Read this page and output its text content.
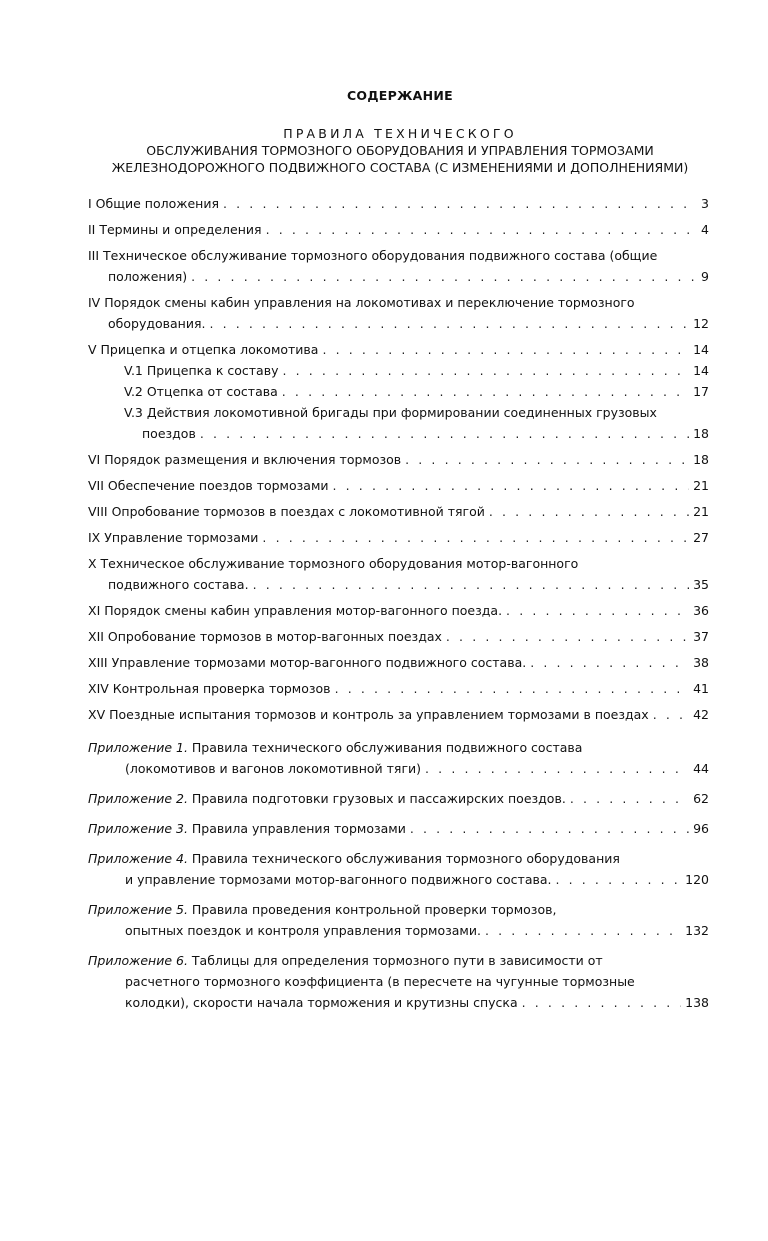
СОДЕРЖАНИЕ
ПРАВИЛА ТЕХНИЧЕСКОГО
ОБСЛУЖИВАНИЯ ТОРМОЗНОГО ОБОРУДОВАНИЯ И УПРАВЛЕНИЯ ТОРМОЗАМИ
ЖЕЛЕЗНОДОРОЖНОГО ПОДВИЖНОГО СОСТАВА (С ИЗМЕНЕНИЯМИ И ДОПОЛНЕНИЯМИ)
I Общие положения . . .	3
II Термины и определения . . .	4
III Техническое обслуживание тормозного оборудования подвижного состава (общие
положения) . . .	9
IV Порядок смены кабин управления на локомотивах и переключение тормозного
оборудования. . . .	12
V Прицепка и отцепка локомотива . . .	14
V.1 Прицепка к составу . . .	14
V.2 Отцепка от состава . . .	17
V.3 Действия локомотивной бригады при формировании соединенных грузовых
поездов . . .	18
VI Порядок размещения и включения тормозов . . .	18
VII Обеспечение поездов тормозами . . .	21
VIII Опробование тормозов в поездах с локомотивной тягой . . .	21
IX Управление тормозами . . .	27
X Техническое обслуживание тормозного оборудования мотор-вагонного
подвижного состава. . . .	35
XI Порядок смены кабин управления мотор-вагонного поезда. . . .	36
XII Опробование тормозов в мотор-вагонных поездах . . .	37
XIII Управление тормозами мотор-вагонного подвижного состава. . . .	38
XIV Контрольная проверка тормозов . . .	41
XV Поездные испытания тормозов и контроль за управлением тормозами в поездах . . .	42
Приложение 1. Правила технического обслуживания подвижного состава
(локомотивов и вагонов локомотивной тяги) . . .	44
Приложение 2. Правила подготовки грузовых и пассажирских поездов. . . .	62
Приложение 3. Правила управления тормозами . . .	96
Приложение 4. Правила технического обслуживания тормозного оборудования
и управление тормозами мотор-вагонного подвижного состава. . . .	120
Приложение 5. Правила проведения контрольной проверки тормозов,
опытных поездок и контроля управления тормозами. . . .	132
Приложение 6. Таблицы для определения тормозного пути в зависимости от
расчетного тормозного коэффициента (в пересчете на чугунные тормозные
колодки), скорости начала торможения и крутизны спуска . . .	138
